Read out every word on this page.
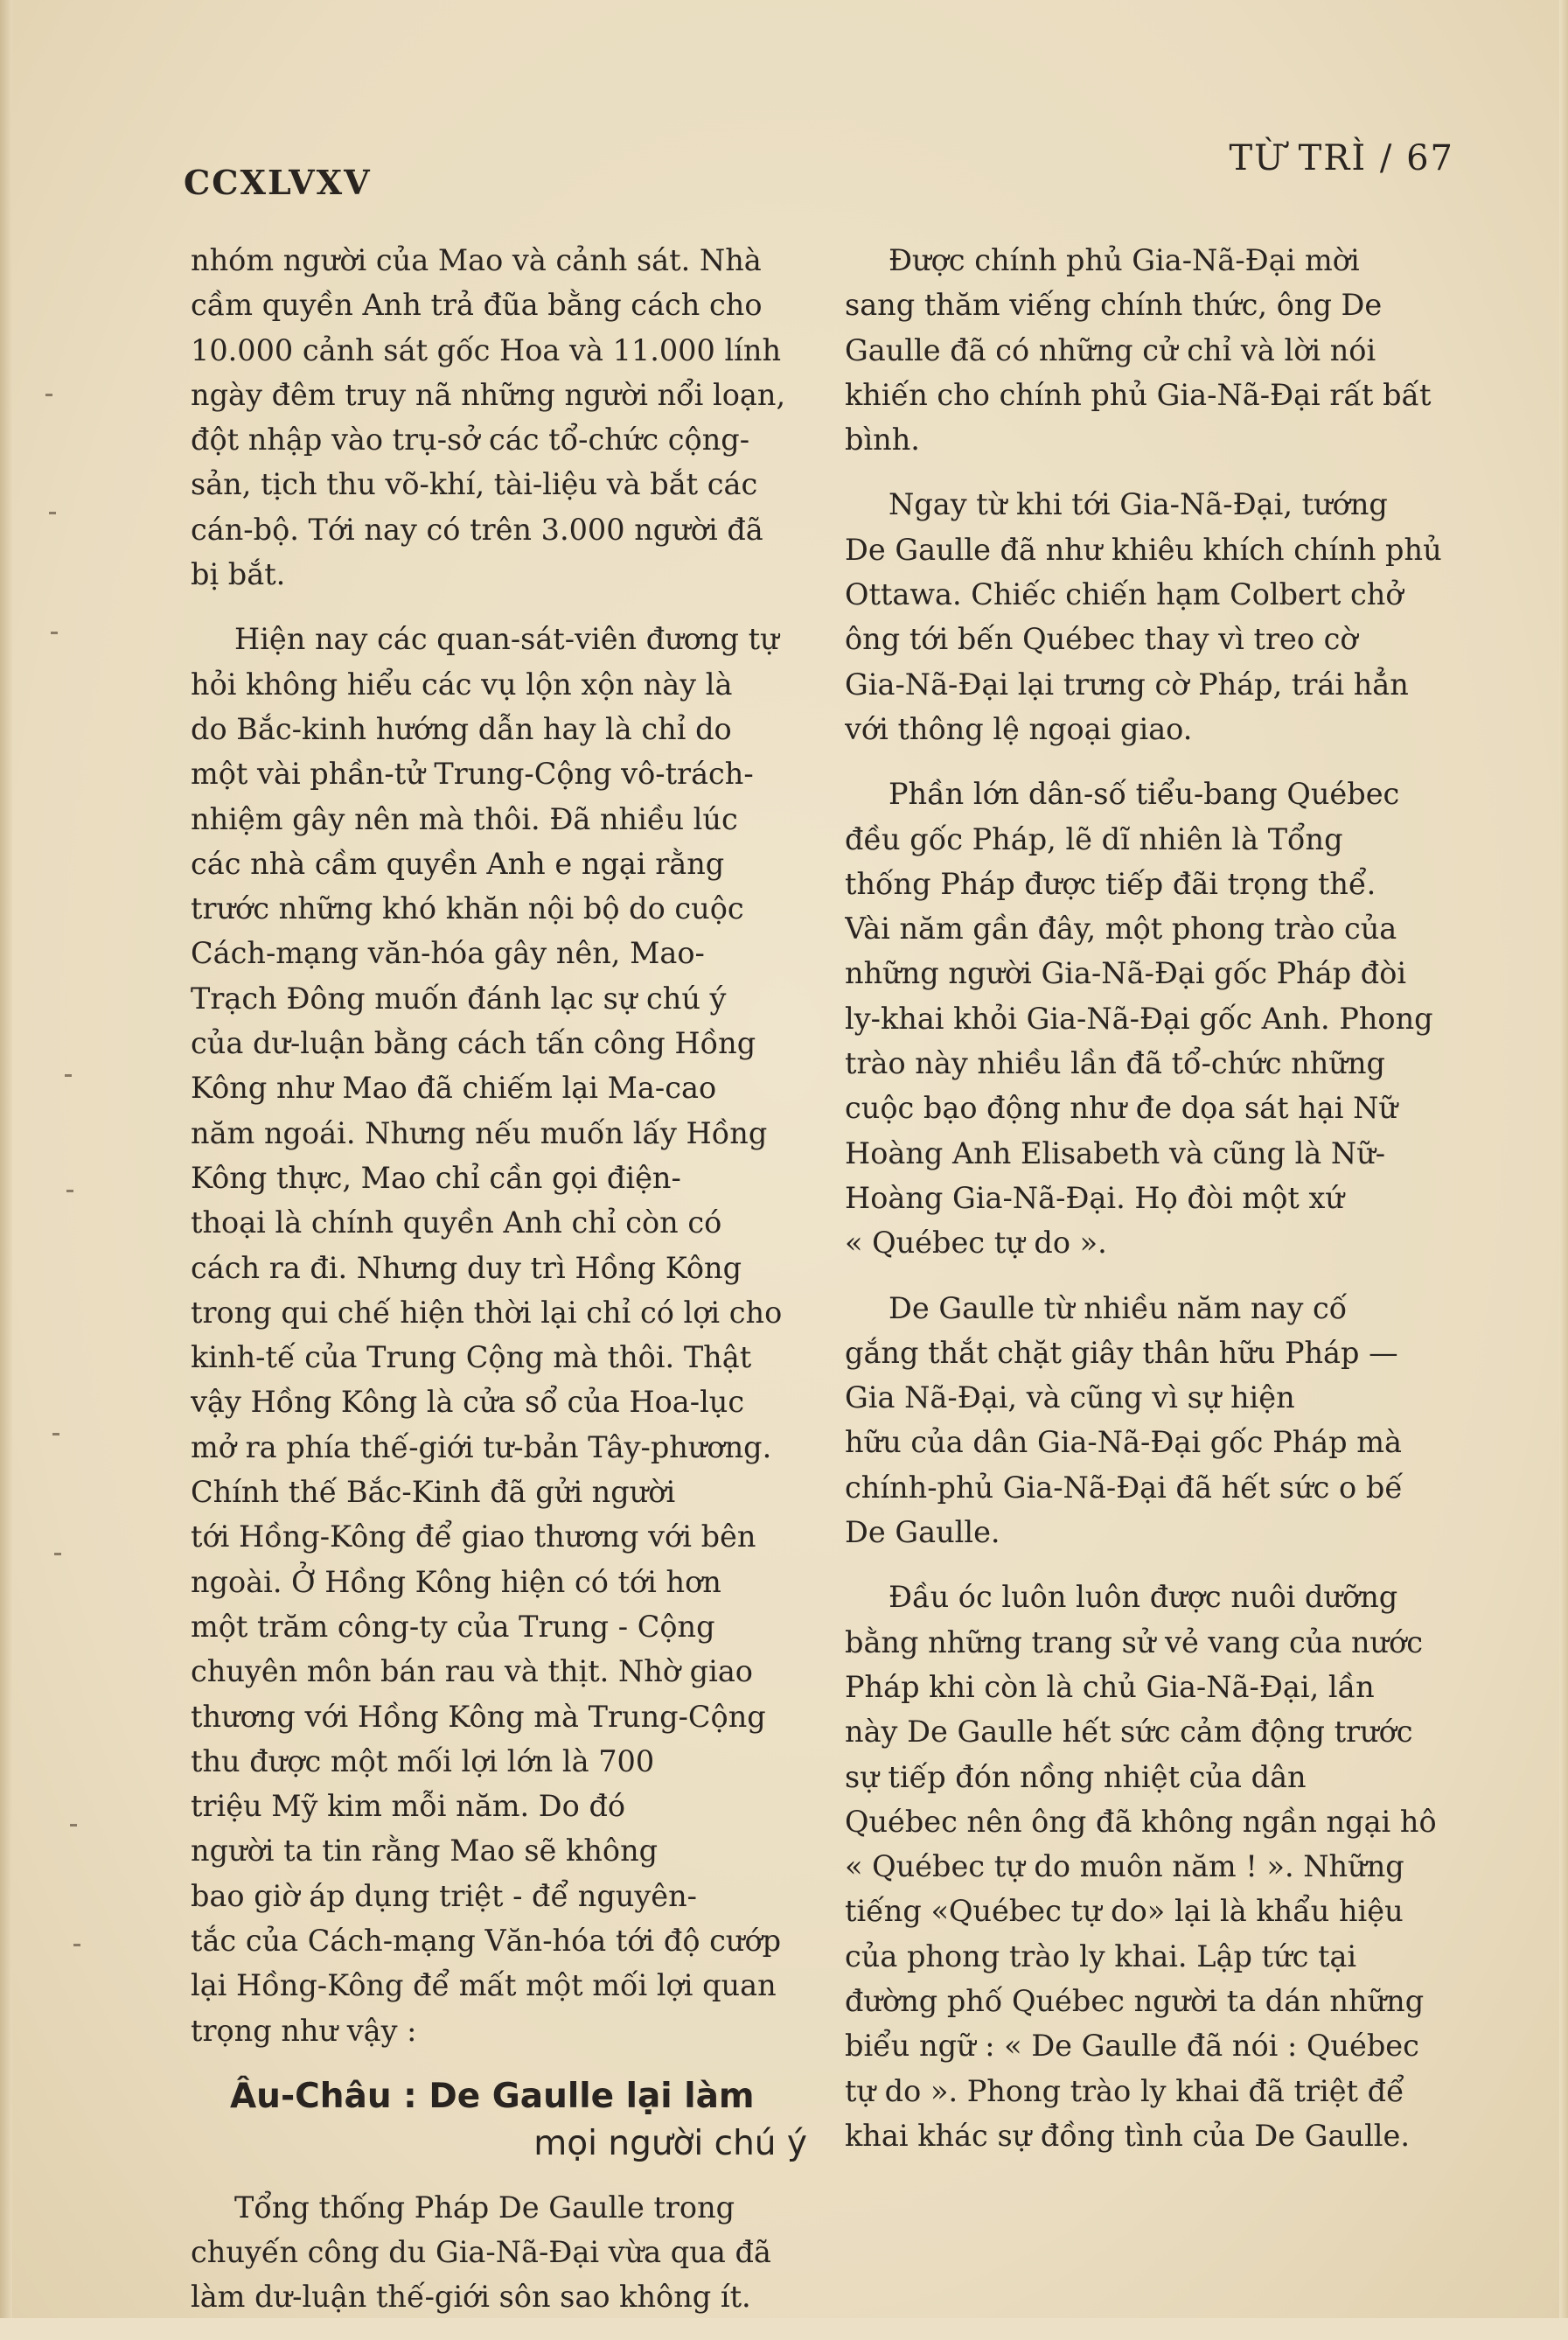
CCXLVXV
TỪ TRÌ / 67

nhóm người của Mao và cảnh sát. Nhà
cầm quyền Anh trả đũa bằng cách cho
10.000 cảnh sát gốc Hoa và 11.000 lính
ngày đêm truy nã những người nổi loạn,
đột nhập vào trụ-sở các tổ-chức cộng-
sản, tịch thu võ-khí, tài-liệu và bắt các
cán-bộ. Tới nay có trên 3.000 người đã
bị bắt.

Hiện nay các quan-sát-viên đương tự
hỏi không hiểu các vụ lộn xộn này là
do Bắc-kinh hướng dẫn hay là chỉ do
một vài phần-tử Trung-Cộng vô-trách-
nhiệm gây nên mà thôi. Đã nhiều lúc
các nhà cầm quyền Anh e ngại rằng
trước những khó khăn nội bộ do cuộc
Cách-mạng văn-hóa gây nên, Mao-
Trạch Đông muốn đánh lạc sự chú ý
của dư-luận bằng cách tấn công Hồng
Kông như Mao đã chiếm lại Ma-cao
năm ngoái. Nhưng nếu muốn lấy Hồng
Kông thực, Mao chỉ cần gọi điện-
thoại là chính quyền Anh chỉ còn có
cách ra đi. Nhưng duy trì Hồng Kông
trong qui chế hiện thời lại chỉ có lợi cho
kinh-tế của Trung Cộng mà thôi. Thật
vậy Hồng Kông là cửa sổ của Hoa-lục
mở ra phía thế-giới tư-bản Tây-phương.
Chính thế Bắc-Kinh đã gửi người
tới Hồng-Kông để giao thương với bên
ngoài. Ở Hồng Kông hiện có tới hơn
một trăm công-ty của Trung - Cộng
chuyên môn bán rau và thịt. Nhờ giao
thương với Hồng Kông mà Trung-Cộng
thu được một mối lợi lớn là 700
triệu Mỹ kim mỗi năm. Do đó
người ta tin rằng Mao sẽ không
bao giờ áp dụng triệt - để nguyên-
tắc của Cách-mạng Văn-hóa tới độ cướp
lại Hồng-Kông để mất một mối lợi quan
trọng như vậy :

Âu-Châu : De Gaulle lại làm
mọi người chú ý

Tổng thống Pháp De Gaulle trong
chuyến công du Gia-Nã-Đại vừa qua đã
làm dư-luận thế-giới sôn sao không ít.

Được chính phủ Gia-Nã-Đại mời
sang thăm viếng chính thức, ông De
Gaulle đã có những cử chỉ và lời nói
khiến cho chính phủ Gia-Nã-Đại rất bất
bình.

Ngay từ khi tới Gia-Nã-Đại, tướng
De Gaulle đã như khiêu khích chính phủ
Ottawa. Chiếc chiến hạm Colbert chở
ông tới bến Québec thay vì treo cờ
Gia-Nã-Đại lại trưng cờ Pháp, trái hẳn
với thông lệ ngoại giao.

Phần lớn dân-số tiểu-bang Québec
đều gốc Pháp, lẽ dĩ nhiên là Tổng
thống Pháp được tiếp đãi trọng thể.
Vài năm gần đây, một phong trào của
những người Gia-Nã-Đại gốc Pháp đòi
ly-khai khỏi Gia-Nã-Đại gốc Anh. Phong
trào này nhiều lần đã tổ-chức những
cuộc bạo động như đe dọa sát hại Nữ
Hoàng Anh Elisabeth và cũng là Nữ-
Hoàng Gia-Nã-Đại. Họ đòi một xứ
« Québec tự do ».

De Gaulle từ nhiều năm nay cố
gắng thắt chặt giây thân hữu Pháp —
Gia Nã-Đại, và cũng vì sự hiện
hữu của dân Gia-Nã-Đại gốc Pháp mà
chính-phủ Gia-Nã-Đại đã hết sức o bế
De Gaulle.

Đầu óc luôn luôn được nuôi dưỡng
bằng những trang sử vẻ vang của nước
Pháp khi còn là chủ Gia-Nã-Đại, lần
này De Gaulle hết sức cảm động trước
sự tiếp đón nồng nhiệt của dân
Québec nên ông đã không ngần ngại hô
« Québec tự do muôn năm ! ». Những
tiếng «Québec tự do» lại là khẩu hiệu
của phong trào ly khai. Lập tức tại
đường phố Québec người ta dán những
biểu ngữ : « De Gaulle đã nói : Québec
tự do ». Phong trào ly khai đã triệt để
khai khác sự đồng tình của De Gaulle.
